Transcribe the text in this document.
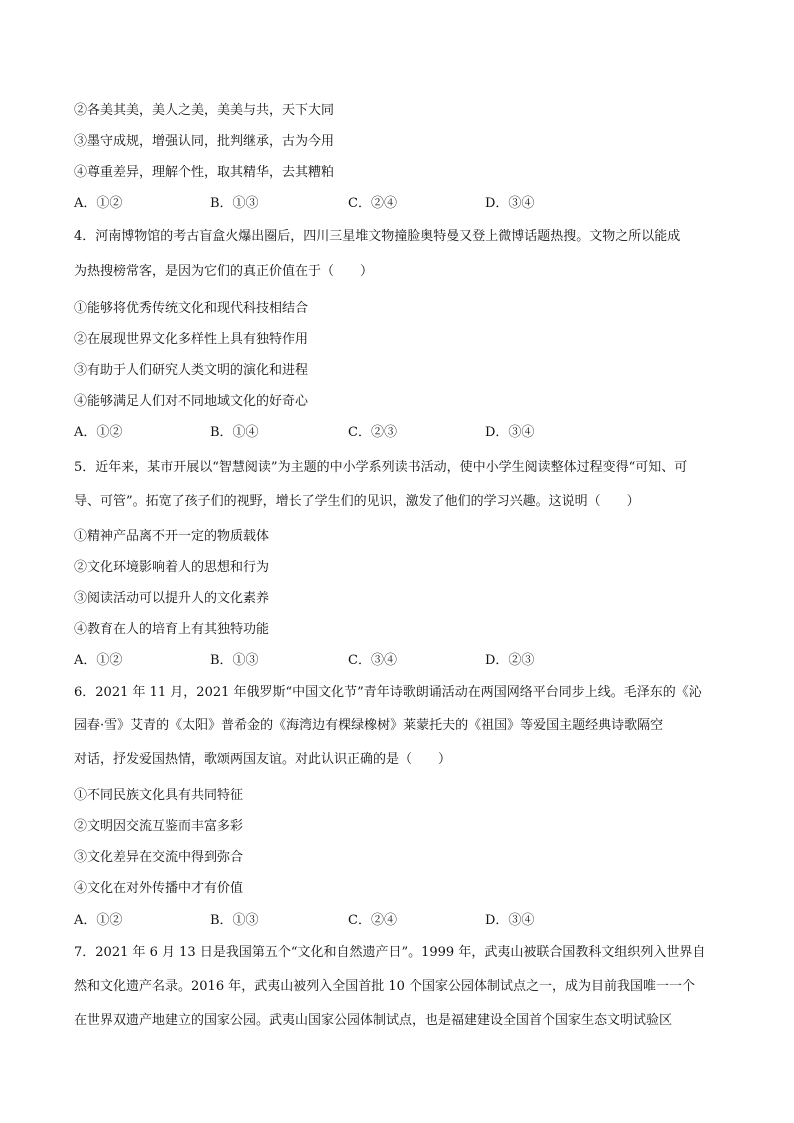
②各美其美，美人之美，美美与共，天下大同
③墨守成规，增强认同，批判继承，古为今用
④尊重差异，理解个性，取其精华，去其糟粕
A．①②	B．①③	C．②④	D．③④
4．河南博物馆的考古盲盒火爆出圈后，四川三星堆文物撞脸奥特曼又登上微博话题热搜。文物之所以能成
为热搜榜常客，是因为它们的真正价值在于（　　）
①能够将优秀传统文化和现代科技相结合
②在展现世界文化多样性上具有独特作用
③有助于人们研究人类文明的演化和进程
④能够满足人们对不同地域文化的好奇心
A．①②	B．①④	C．②③	D．③④
5．近年来，某市开展以“智慧阅读”为主题的中小学系列读书活动，使中小学生阅读整体过程变得“可知、可
导、可管”。拓宽了孩子们的视野，增长了学生们的见识，激发了他们的学习兴趣。这说明（　　）
①精神产品离不开一定的物质载体
②文化环境影响着人的思想和行为
③阅读活动可以提升人的文化素养
④教育在人的培育上有其独特功能
A．①②	B．①③	C．③④	D．②③
6．2021 年 11 月，2021 年俄罗斯“中国文化节”青年诗歌朗诵活动在两国网络平台同步上线。毛泽东的《沁
园春·雪》艾青的《太阳》普希金的《海湾边有棵绿橡树》莱蒙托夫的《祖国》等爱国主题经典诗歌隔空
对话，抒发爱国热情，歌颂两国友谊。对此认识正确的是（　　）
①不同民族文化具有共同特征
②文明因交流互鉴而丰富多彩
③文化差异在交流中得到弥合
④文化在对外传播中才有价值
A．①②	B．①③	C．②④	D．③④
7．2021 年 6 月 13 日是我国第五个“文化和自然遗产日”。1999 年，武夷山被联合国教科文组织列入世界自
然和文化遗产名录。2016 年，武夷山被列入全国首批 10 个国家公园体制试点之一，成为目前我国唯一一个
在世界双遗产地建立的国家公园。武夷山国家公园体制试点，也是福建建设全国首个国家生态文明试验区
